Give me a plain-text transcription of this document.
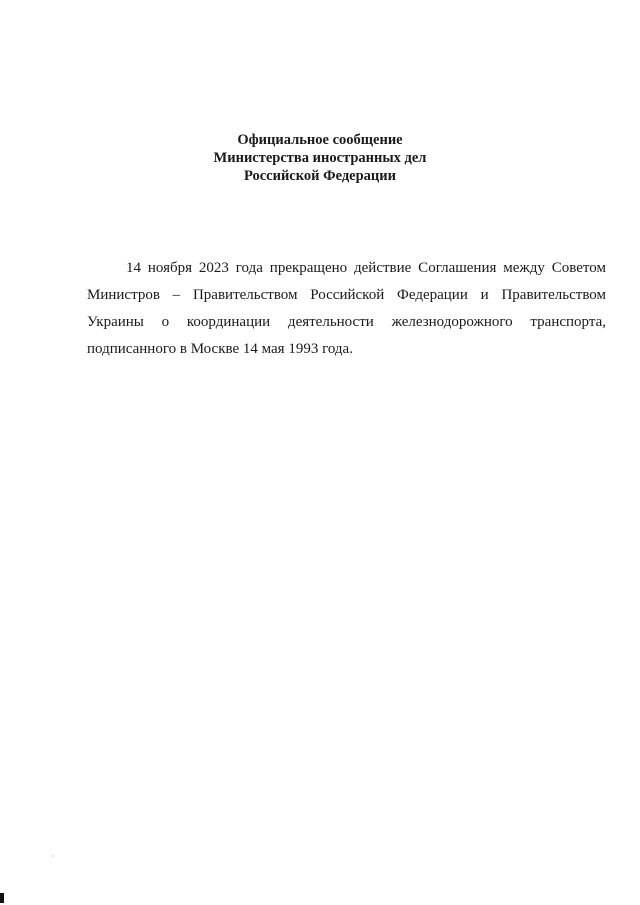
Официальное сообщение
Министерства иностранных дел
Российской Федерации
14 ноября 2023 года прекращено действие Соглашения между Советом
Министров – Правительством Российской Федерации и Правительством
Украины о координации деятельности железнодорожного транспорта,
подписанного в Москве 14 мая 1993 года.
